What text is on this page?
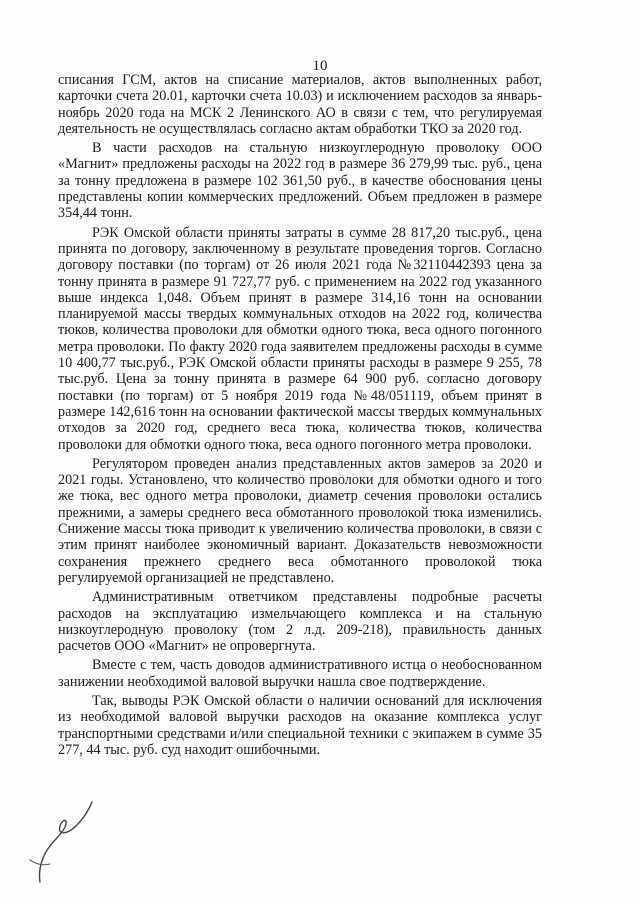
10

списания ГСМ, актов на списание материалов, актов выполненных работ, карточки счета 20.01, карточки счета 10.03) и исключением расходов за январь-ноябрь 2020 года на МСК 2 Ленинского АО в связи с тем, что регулируемая деятельность не осуществлялась согласно актам обработки ТКО за 2020 год.

В части расходов на стальную низкоуглеродную проволоку ООО «Магнит» предложены расходы на 2022 год в размере 36 279,99 тыс. руб., цена за тонну предложена в размере 102 361,50 руб., в качестве обоснования цены представлены копии коммерческих предложений. Объем предложен в размере 354,44 тонн.

РЭК Омской области приняты затраты в сумме 28 817,20 тыс.руб., цена принята по договору, заключенному в результате проведения торгов. Согласно договору поставки (по торгам) от 26 июля 2021 года №32110442393 цена за тонну принята в размере 91 727,77 руб. с применением на 2022 год указанного выше индекса 1,048. Объем принят в размере 314,16 тонн на основании планируемой массы твердых коммунальных отходов на 2022 год, количества тюков, количества проволоки для обмотки одного тюка, веса одного погонного метра проволоки. По факту 2020 года заявителем предложены расходы в сумме 10 400,77 тыс.руб., РЭК Омской области приняты расходы в размере 9 255, 78 тыс.руб. Цена за тонну принята в размере 64 900 руб. согласно договору поставки (по торгам) от 5 ноября 2019 года №48/051119, объем принят в размере 142,616 тонн на основании фактической массы твердых коммунальных отходов за 2020 год, среднего веса тюка, количества тюков, количества проволоки для обмотки одного тюка, веса одного погонного метра проволоки.

Регулятором проведен анализ представленных актов замеров за 2020 и 2021 годы. Установлено, что количество проволоки для обмотки одного и того же тюка, вес одного метра проволоки, диаметр сечения проволоки остались прежними, а замеры среднего веса обмотанного проволокой тюка изменились. Снижение массы тюка приводит к увеличению количества проволоки, в связи с этим принят наиболее экономичный вариант. Доказательств невозможности сохранения прежнего среднего веса обмотанного проволокой тюка регулируемой организацией не представлено.

Административным ответчиком представлены подробные расчеты расходов на эксплуатацию измельчающего комплекса и на стальную низкоуглеродную проволоку (том 2 л.д. 209-218), правильность данных расчетов ООО «Магнит» не опровергнута.

Вместе с тем, часть доводов административного истца о необоснованном занижении необходимой валовой выручки нашла свое подтверждение.

Так, выводы РЭК Омской области о наличии оснований для исключения из необходимой валовой выручки расходов на оказание комплекса услуг транспортными средствами и/или специальной техники с экипажем в сумме 35 277, 44 тыс. руб. суд находит ошибочными.
